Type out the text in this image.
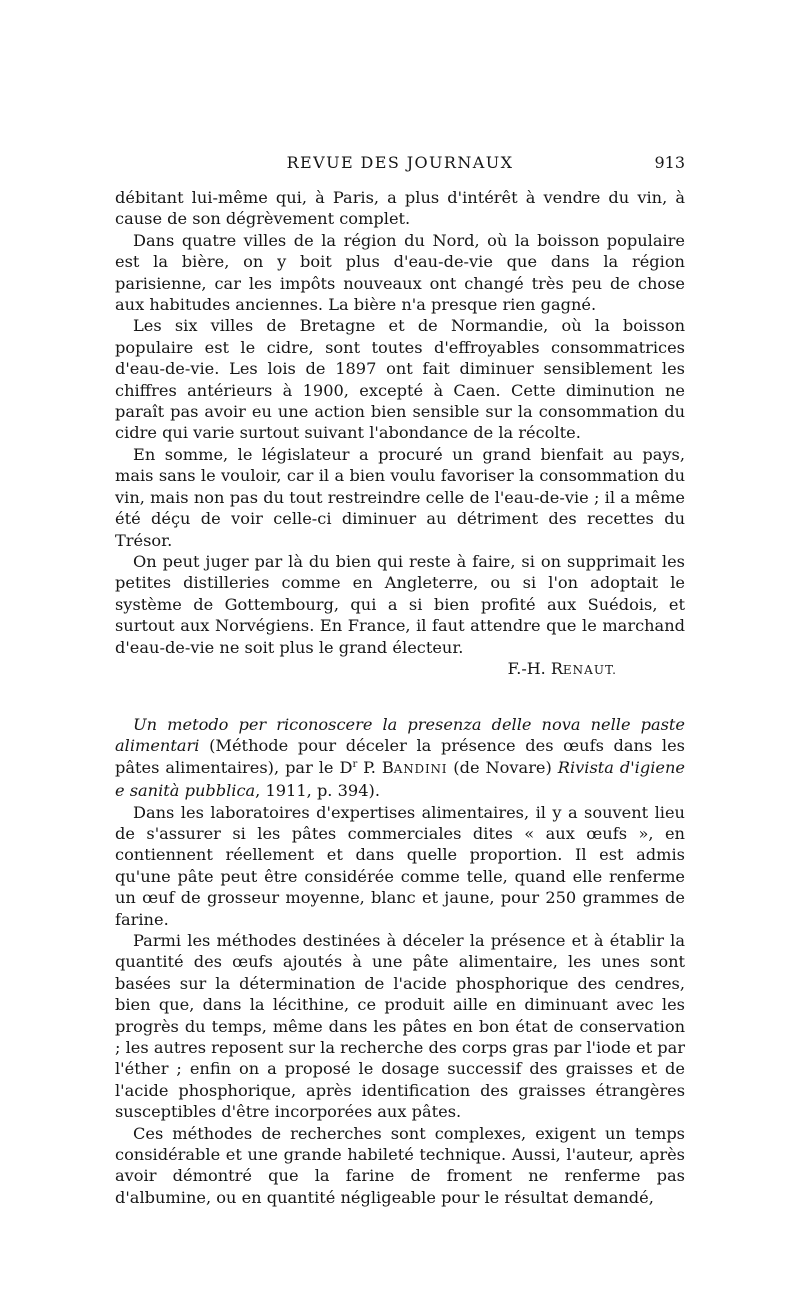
REVUE DES JOURNAUX	913

débitant lui-même qui, à Paris, a plus d'intérêt à vendre du vin, à cause de son dégrèvement complet.

Dans quatre villes de la région du Nord, où la boisson populaire est la bière, on y boit plus d'eau-de-vie que dans la région parisienne, car les impôts nouveaux ont changé très peu de chose aux habitudes anciennes. La bière n'a presque rien gagné.

Les six villes de Bretagne et de Normandie, où la boisson populaire est le cidre, sont toutes d'effroyables consommatrices d'eau-de-vie. Les lois de 1897 ont fait diminuer sensiblement les chiffres antérieurs à 1900, excepté à Caen. Cette diminution ne paraît pas avoir eu une action bien sensible sur la consommation du cidre qui varie surtout suivant l'abondance de la récolte.

En somme, le législateur a procuré un grand bienfait au pays, mais sans le vouloir, car il a bien voulu favoriser la consommation du vin, mais non pas du tout restreindre celle de l'eau-de-vie ; il a même été déçu de voir celle-ci diminuer au détriment des recettes du Trésor.

On peut juger par là du bien qui reste à faire, si on supprimait les petites distilleries comme en Angleterre, ou si l'on adoptait le système de Gottembourg, qui a si bien profité aux Suédois, et surtout aux Norvégiens. En France, il faut attendre que le marchand d'eau-de-vie ne soit plus le grand électeur.

F.-H. RENAUT.

Un metodo per riconoscere la presenza delle nova nelle paste alimentari (Méthode pour déceler la présence des œufs dans les pâtes alimentaires), par le $D^r$ P. BANDINI (de Novare) Rivista d'igiene e sanità pubblica, 1911, p. 394).

Dans les laboratoires d'expertises alimentaires, il y a souvent lieu de s'assurer si les pâtes commerciales dites « aux œufs », en contiennent réellement et dans quelle proportion. Il est admis qu'une pâte peut être considérée comme telle, quand elle renferme un œuf de grosseur moyenne, blanc et jaune, pour 250 grammes de farine.

Parmi les méthodes destinées à déceler la présence et à établir la quantité des œufs ajoutés à une pâte alimentaire, les unes sont basées sur la détermination de l'acide phosphorique des cendres, bien que, dans la lécithine, ce produit aille en diminuant avec les progrès du temps, même dans les pâtes en bon état de conservation ; les autres reposent sur la recherche des corps gras par l'iode et par l'éther ; enfin on a proposé le dosage successif des graisses et de l'acide phosphorique, après identification des graisses étrangères susceptibles d'être incorporées aux pâtes.

Ces méthodes de recherches sont complexes, exigent un temps considérable et une grande habileté technique. Aussi, l'auteur, après avoir démontré que la farine de froment ne renferme pas d'albumine, ou en quantité négligeable pour le résultat demandé,
